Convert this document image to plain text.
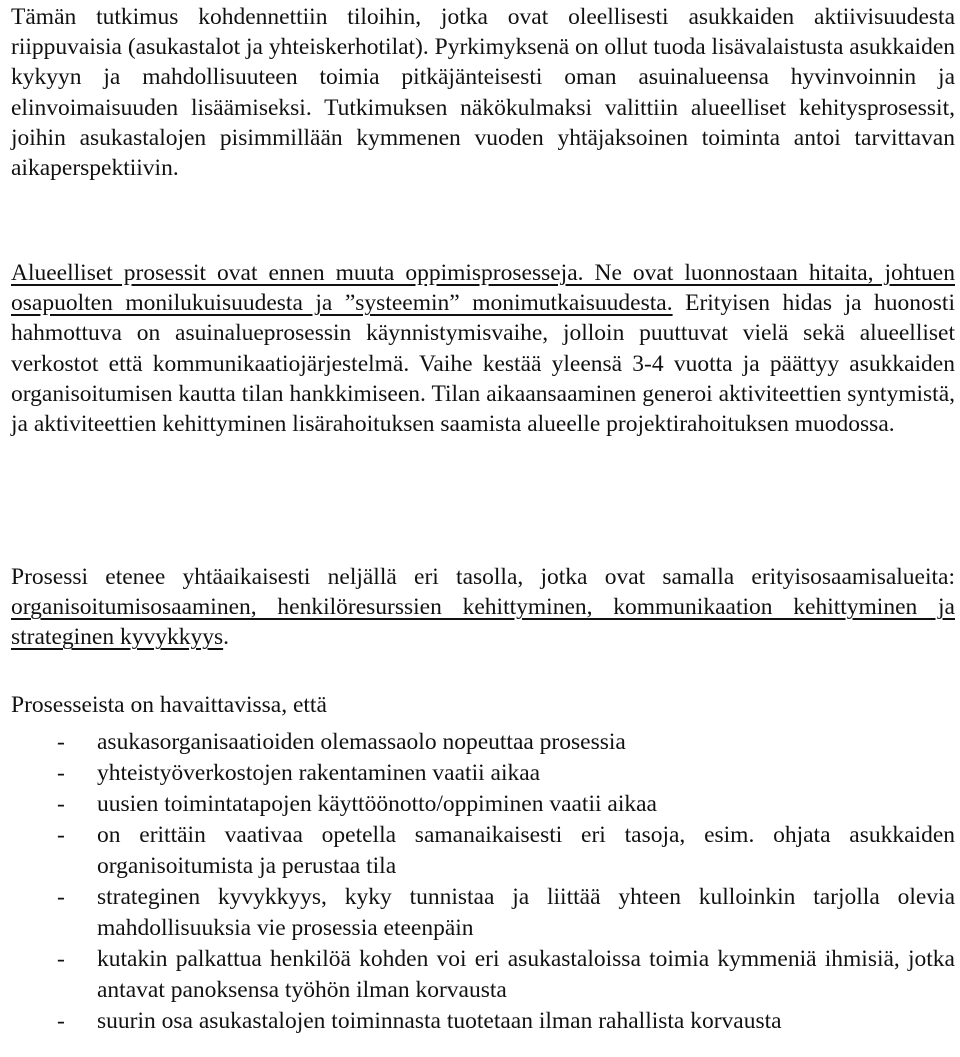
Tämän tutkimus kohdennettiin tiloihin, jotka ovat oleellisesti asukkaiden aktiivisuudesta riippuvaisia (asukastalot ja yhteiskerhotilat). Pyrkimyksenä on ollut tuoda lisävalaistusta asukkaiden kykyyn ja mahdollisuuteen toimia pitkäjänteisesti oman asuinalueensa hyvinvoinnin ja elinvoimaisuuden lisäämiseksi. Tutkimuksen näkökulmaksi valittiin alueelliset kehitysprosessit, joihin asukastalojen pisimmillään kymmenen vuoden yhtäjaksoinen toiminta antoi tarvittavan aikaperspektiivin.

Alueelliset prosessit ovat ennen muuta oppimisprosesseja. Ne ovat luonnostaan hitaita, johtuen osapuolten monilukuisuudesta ja ”systeemin” monimutkaisuudesta. Erityisen hidas ja huonosti hahmottuva on asuinalueprosessin käynnistymisvaihe, jolloin puuttuvat vielä sekä alueelliset verkostot että kommunikaatiojärjestelmä. Vaihe kestää yleensä 3-4 vuotta ja päättyy asukkaiden organisoitumisen kautta tilan hankkimiseen. Tilan aikaansaaminen generoi aktiviteettien syntymistä, ja aktiviteettien kehittyminen lisärahoituksen saamista alueelle projektirahoituksen muodossa.

Prosessi etenee yhtäaikaisesti neljällä eri tasolla, jotka ovat samalla erityisosaamisalueita: organisoitumisosaaminen, henkilöresurssien kehittyminen, kommunikaation kehittyminen ja strateginen kyvykkyys.

Prosesseista on havaittavissa, että

- asukasorganisaatioiden olemassaolo nopeuttaa prosessia
- yhteistyöverkostojen rakentaminen vaatii aikaa
- uusien toimintatapojen käyttöönotto/oppiminen vaatii aikaa
- on erittäin vaativaa opetella samanaikaisesti eri tasoja, esim. ohjata asukkaiden organisoitumista ja perustaa tila
- strateginen kyvykkyys, kyky tunnistaa ja liittää yhteen kulloinkin tarjolla olevia mahdollisuuksia vie prosessia eteenpäin
- kutakin palkattua henkilöä kohden voi eri asukastaloissa toimia kymmeniä ihmisiä, jotka antavat panoksensa työhön ilman korvausta
- suurin osa asukastalojen toiminnasta tuotetaan ilman rahallista korvausta
